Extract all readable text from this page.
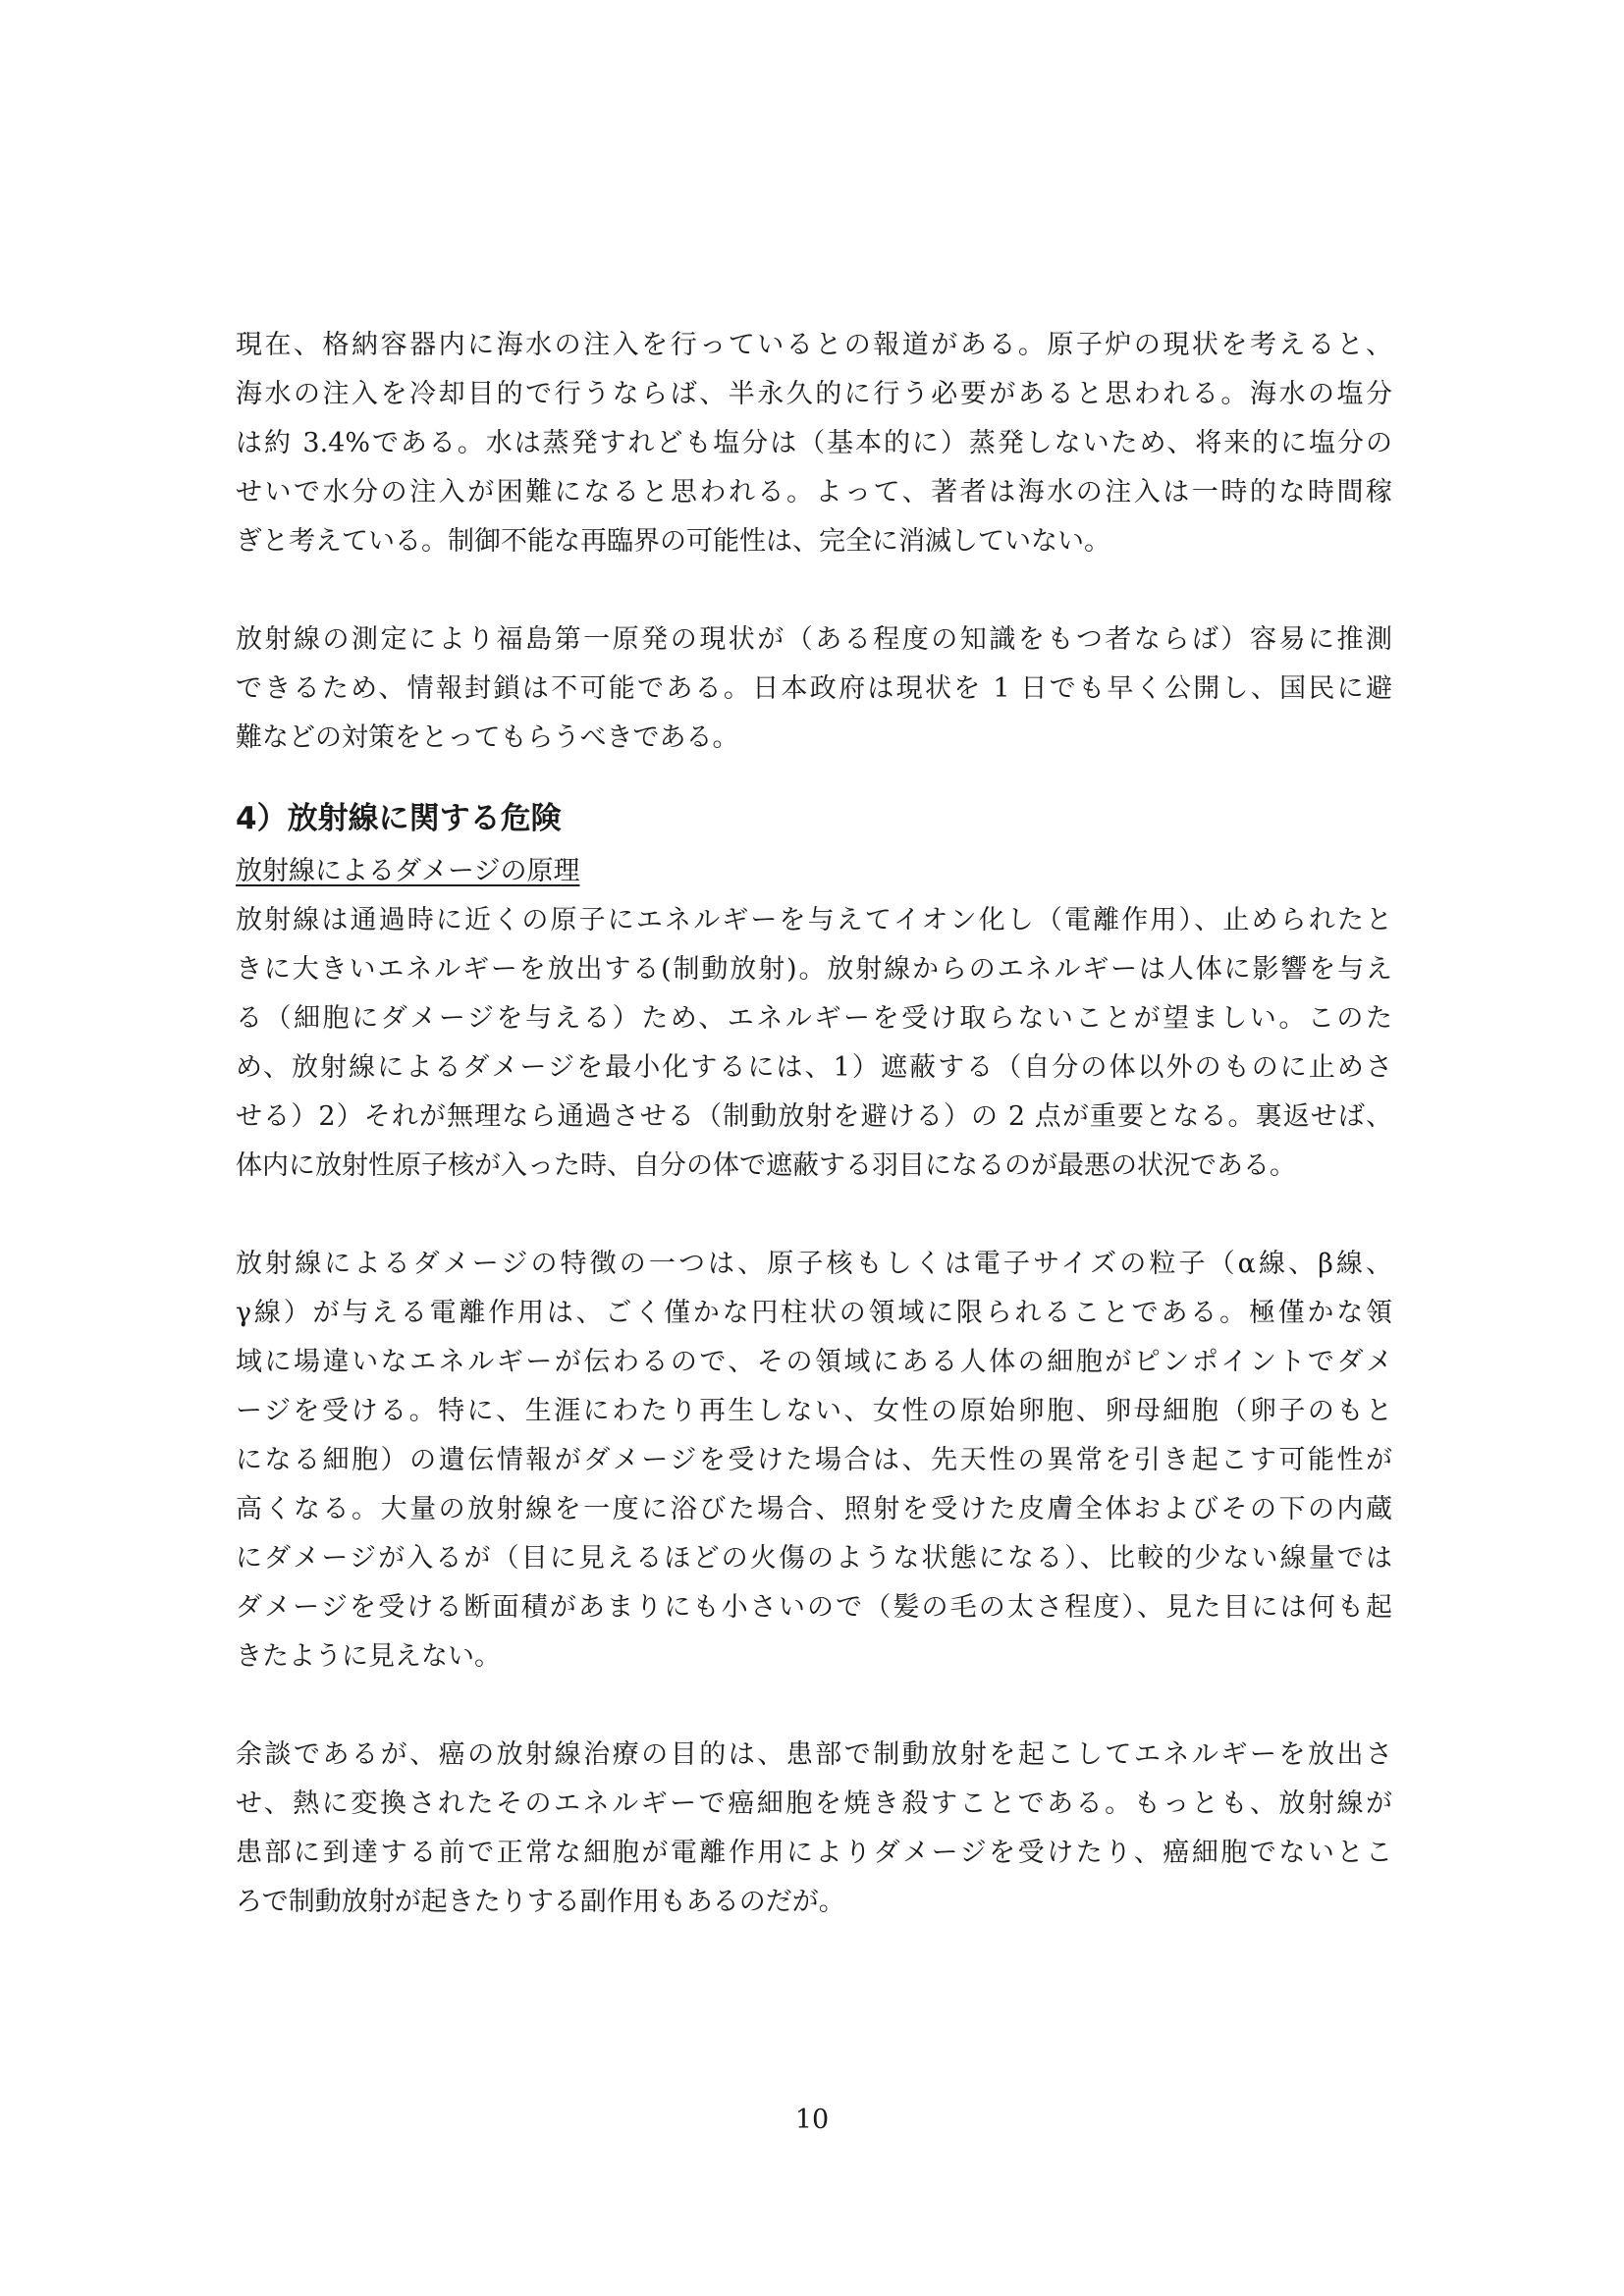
現在、格納容器内に海水の注入を行っているとの報道がある。原子炉の現状を考えると、
海水の注入を冷却目的で行うならば、半永久的に行う必要があると思われる。海水の塩分
は約 3.4%である。水は蒸発すれども塩分は（基本的に）蒸発しないため、将来的に塩分の
せいで水分の注入が困難になると思われる。よって、著者は海水の注入は一時的な時間稼
ぎと考えている。制御不能な再臨界の可能性は、完全に消滅していない。
放射線の測定により福島第一原発の現状が（ある程度の知識をもつ者ならば）容易に推測
できるため、情報封鎖は不可能である。日本政府は現状を 1 日でも早く公開し、国民に避
難などの対策をとってもらうべきである。
4）放射線に関する危険
放射線によるダメージの原理
放射線は通過時に近くの原子にエネルギーを与えてイオン化し（電離作用）、止められたと
きに大きいエネルギーを放出する(制動放射)。放射線からのエネルギーは人体に影響を与え
る（細胞にダメージを与える）ため、エネルギーを受け取らないことが望ましい。このた
め、放射線によるダメージを最小化するには、1）遮蔽する（自分の体以外のものに止めさ
せる）2）それが無理なら通過させる（制動放射を避ける）の 2 点が重要となる。裏返せば、
体内に放射性原子核が入った時、自分の体で遮蔽する羽目になるのが最悪の状況である。
放射線によるダメージの特徴の一つは、原子核もしくは電子サイズの粒子（α線、β線、
γ線）が与える電離作用は、ごく僅かな円柱状の領域に限られることである。極僅かな領
域に場違いなエネルギーが伝わるので、その領域にある人体の細胞がピンポイントでダメ
ージを受ける。特に、生涯にわたり再生しない、女性の原始卵胞、卵母細胞（卵子のもと
になる細胞）の遺伝情報がダメージを受けた場合は、先天性の異常を引き起こす可能性が
高くなる。大量の放射線を一度に浴びた場合、照射を受けた皮膚全体およびその下の内蔵
にダメージが入るが（目に見えるほどの火傷のような状態になる）、比較的少ない線量では
ダメージを受ける断面積があまりにも小さいので（髪の毛の太さ程度）、見た目には何も起
きたように見えない。
余談であるが、癌の放射線治療の目的は、患部で制動放射を起こしてエネルギーを放出さ
せ、熱に変換されたそのエネルギーで癌細胞を焼き殺すことである。もっとも、放射線が
患部に到達する前で正常な細胞が電離作用によりダメージを受けたり、癌細胞でないとこ
ろで制動放射が起きたりする副作用もあるのだが。
10
